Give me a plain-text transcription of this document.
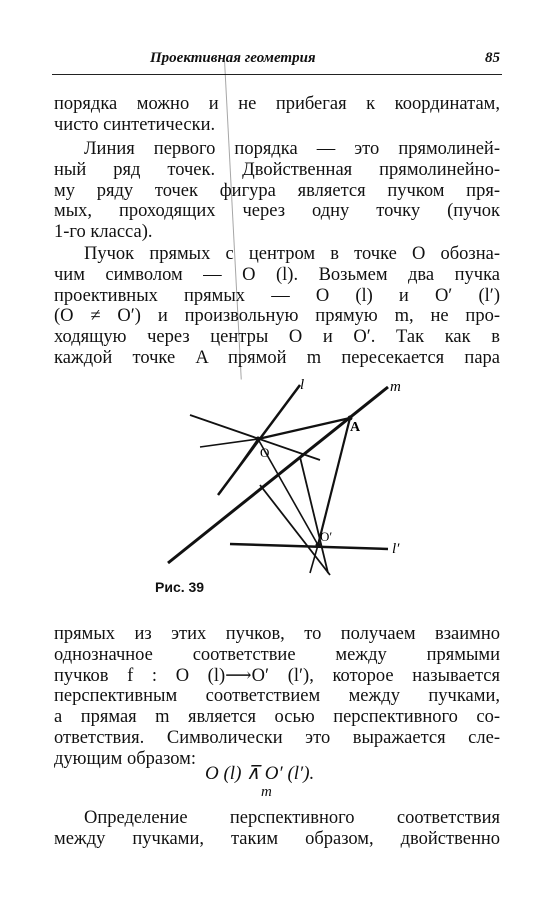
Проективная геометрия	85
порядка можно и не прибегая к координатам,
чисто синтетически.
Линия первого порядка — это прямолиней-
ный ряд точек. Двойственная прямолинейно-
му ряду точек фигура является пучком пря-
мых, проходящих через одну точку (пучок
1-го класса).
Пучок прямых с центром в точке O обозна-
чим символом — O (l). Возьмем два пучка
проективных прямых — O (l) и O′ (l′)
(O ≠ O′) и произвольную прямую m, не про-
ходящую через центры O и O′. Так как в
каждой точке A прямой m пересекается пара
l	m
A
O
O′
l′
Рис. 39
прямых из этих пучков, то получаем взаимно
однозначное соответствие между прямыми
пучков f : O (l)⟶O′ (l′), которое называется
перспективным соответствием между пучками,
а прямая m является осью перспективного со-
ответствия. Символически это выражается сле-
дующим образом:
O (l) ⊼ O′ (l′).
m
Определение перспективного соответствия
между пучками, таким образом, двойственно
